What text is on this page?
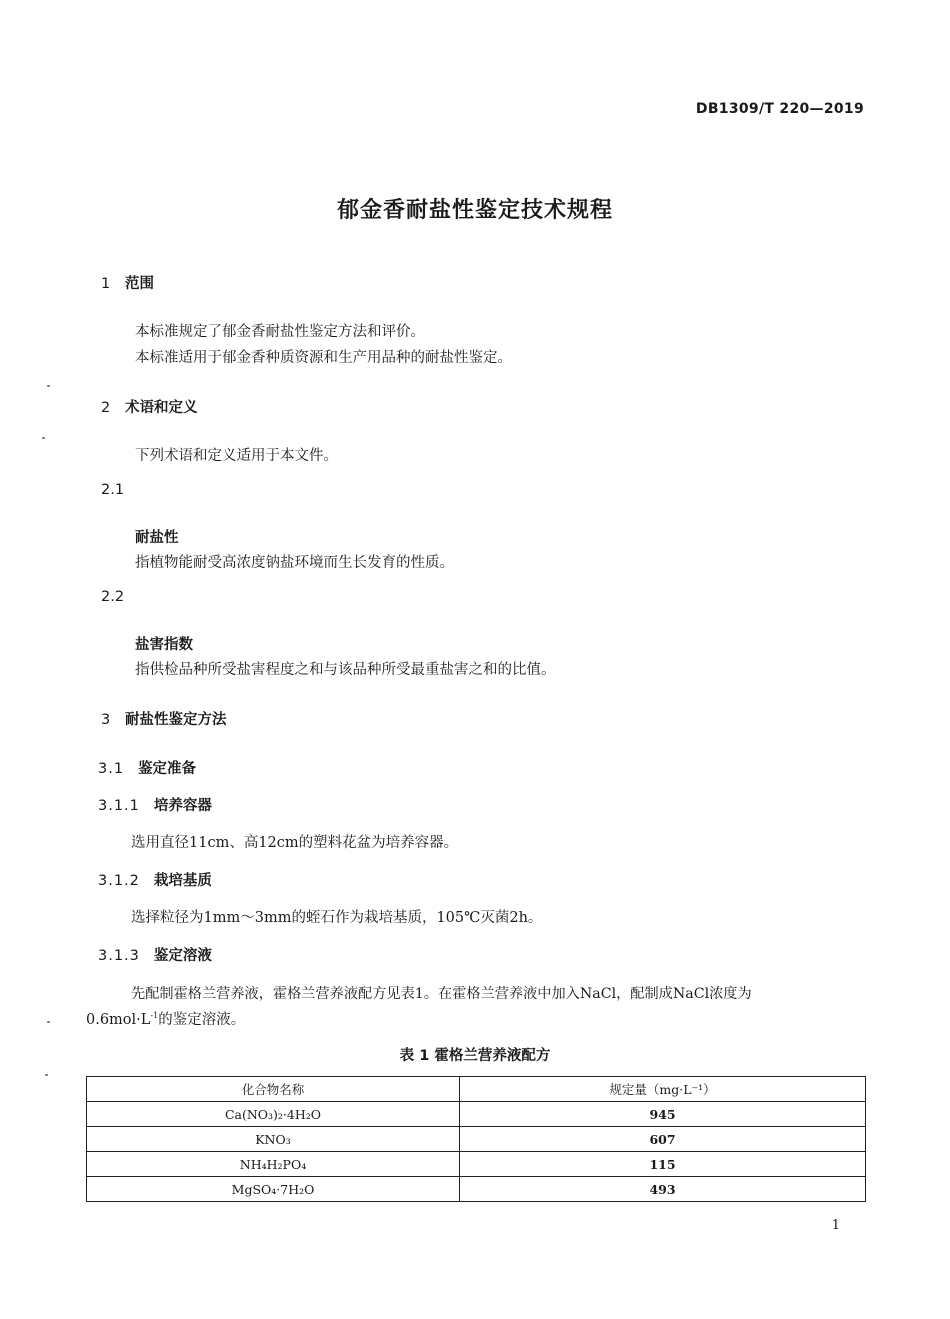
DB1309/T 220—2019
郁金香耐盐性鉴定技术规程
1 范围
本标准规定了郁金香耐盐性鉴定方法和评价。
本标准适用于郁金香种质资源和生产用品种的耐盐性鉴定。
2 术语和定义
下列术语和定义适用于本文件。
2.1
耐盐性
指植物能耐受高浓度钠盐环境而生长发育的性质。
2.2
盐害指数
指供检品种所受盐害程度之和与该品种所受最重盐害之和的比值。
3 耐盐性鉴定方法
3.1 鉴定准备
3.1.1 培养容器
选用直径11cm、高12cm的塑料花盆为培养容器。
3.1.2 栽培基质
选择粒径为1mm～3mm的蛭石作为栽培基质，105℃灭菌2h。
3.1.3 鉴定溶液
先配制霍格兰营养液，霍格兰营养液配方见表1。在霍格兰营养液中加入NaCl，配制成NaCl浓度为
$0.6mol\cdot L^{-1}$的鉴定溶液。
表 1 霍格兰营养液配方
化合物名称	规定量（mg·L⁻¹）
Ca(NO₃)₂·4H₂O	945
KNO₃	607
NH₄H₂PO₄	115
MgSO₄·7H₂O	493
1
